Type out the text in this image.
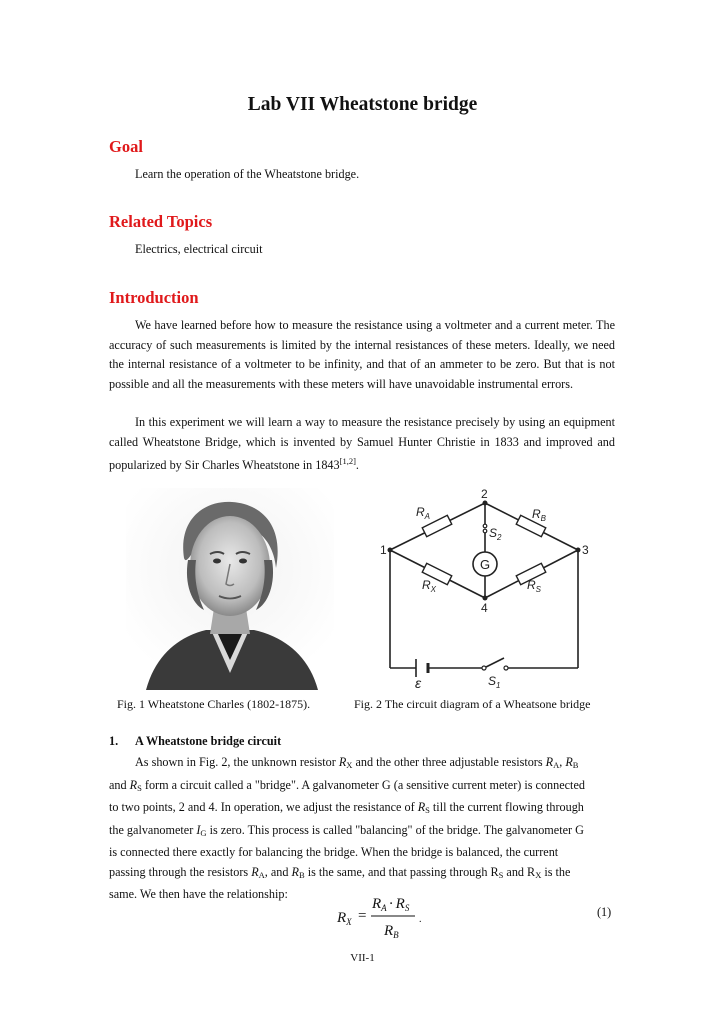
Lab VII Wheatstone bridge
Goal
Learn the operation of the Wheatstone bridge.
Related Topics
Electrics, electrical circuit
Introduction
We have learned before how to measure the resistance using a voltmeter and a current meter. The accuracy of such measurements is limited by the internal resistances of these meters. Ideally, we need the internal resistance of a voltmeter to be infinity, and that of an ammeter to be zero. But that is not possible and all the measurements with these meters will have unavoidable instrumental errors.
In this experiment we will learn a way to measure the resistance precisely by using an equipment called Wheatstone Bridge, which is invented by Samuel Hunter Christie in 1833 and improved and popularized by Sir Charles Wheatstone in 1843[1,2].
G
1
2
3
4
$R_A$	$R_B$
$R_X$	$R_S$
$S_2$
$S_1$
ε
Fig. 1 Wheatstone Charles (1802-1875).	Fig. 2 The circuit diagram of a Wheatsone bridge
1. A Wheatstone bridge circuit
As shown in Fig. 2, the unknown resistor $R_X$ and the other three adjustable resistors $R_A$, $R_B$
and $R_S$ form a circuit called a "bridge". A galvanometer G (a sensitive current meter) is connected
to two points, 2 and 4. In operation, we adjust the resistance of $R_S$ till the current flowing through
the galvanometer $I_G$ is zero. This process is called "balancing" of the bridge. The galvanometer G
is connected there exactly for balancing the bridge. When the bridge is balanced, the current
passing through the resistors $R_A$, and $R_B$ is the same, and that passing through $R_S$ and $R_X$ is the
same. We then have the relationship:
$R_X$ =
$R_A \cdot R_S$
$R_B$
.
(1)
VII-1
